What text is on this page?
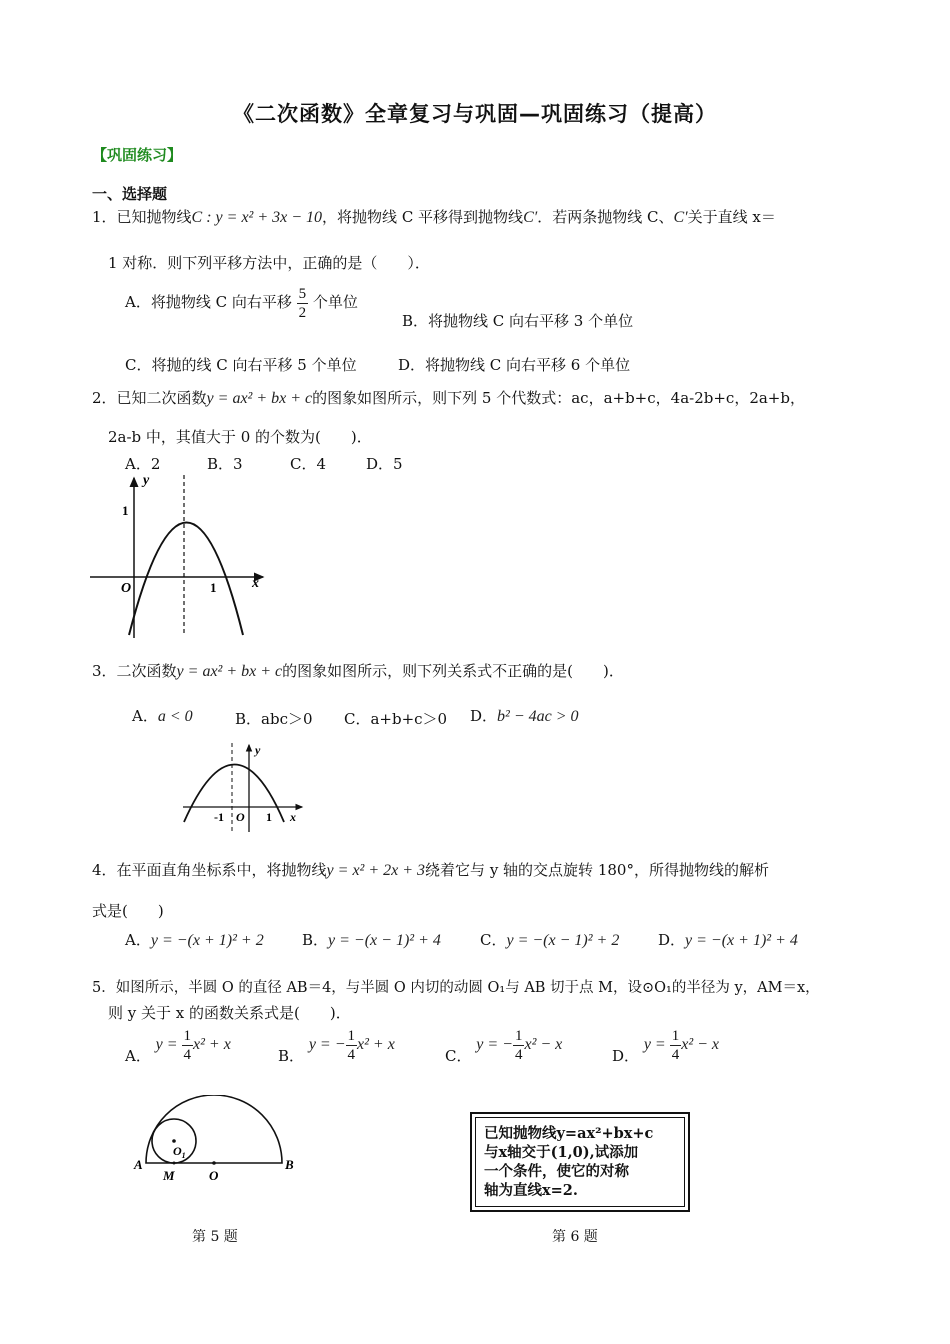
《二次函数》全章复习与巩固—巩固练习（提高）
【巩固练习】
一、选择题
1．已知抛物线C : y = x² + 3x − 10，将抛物线 C 平移得到抛物线C′．若两条抛物线 C、C′关于直线 x＝
1 对称．则下列平移方法中，正确的是（　　）．
A．将抛物线 C 向右平移 $\frac{5}{2}$ 个单位
B．将抛物线 C 向右平移 3 个单位
C．将抛的线 C 向右平移 5 个单位	D．将抛物线 C 向右平移 6 个单位
2．已知二次函数y = ax² + bx + c的图象如图所示，则下列 5 个代数式：ac，a+b+c，4a-2b+c，2a+b，
2a-b 中，其值大于 0 的个数为(　　)．
A．2	B．3	C．4	D．5
y
x
O
1
1
3．二次函数y = ax² + bx + c的图象如图所示，则下列关系式不正确的是(　　)．
A．a < 0	B．abc＞0 C．a+b+c＞0 D．b² − 4ac > 0
y
x
O
-1	1
4．在平面直角坐标系中，将抛物线y = x² + 2x + 3绕着它与 y 轴的交点旋转 180°，所得抛物线的解析
式是(　　)
A．y = −(x + 1)² + 2	B．y = −(x − 1)² + 4	C．y = −(x − 1)² + 2	D．y = −(x + 1)² + 4
5．如图所示，半圆 O 的直径 AB＝4，与半圆 O 内切的动圆 O₁与 AB 切于点 M，设⊙O₁的半径为 y，AM＝x，
则 y 关于 x 的函数关系式是(　　)．
A． $y = \frac{1}{4} x^2 + x$
B． y = − $\frac{1}{4} x^2 + x$
C． y = − $\frac{1}{4} x^2 - x$
D． $y = \frac{1}{4} x^2 - x$
A	B
M	O
$O_1$
已知抛物线y=ax²+bx+c
与x轴交于(1,0),试添加
一个条件，使它的对称
轴为直线x=2.
第 5 题	第 6 题
